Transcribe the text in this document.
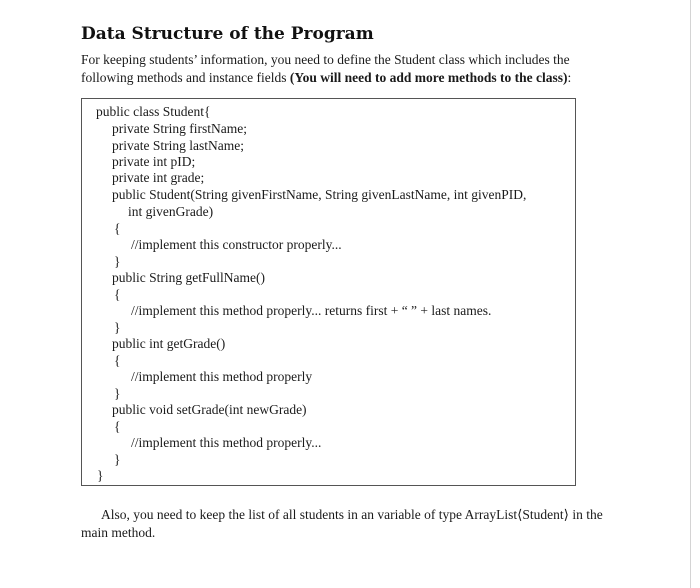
Data Structure of the Program

For keeping students’ information, you need to define the Student class which includes the following methods and instance fields (You will need to add more methods to the class):

public class Student{
private String firstName;
private String lastName;
private int pID;
private int grade;
public Student(String givenFirstName, String givenLastName, int givenPID,
int givenGrade)
{
//implement this constructor properly...
}
public String getFullName()
{
//implement this method properly... returns first + “ ” + last names.
}
public int getGrade()
{
//implement this method properly
}
public void setGrade(int newGrade)
{
//implement this method properly...
}
}

Also, you need to keep the list of all students in an variable of type ArrayList⟨Student⟩ in the main method.
